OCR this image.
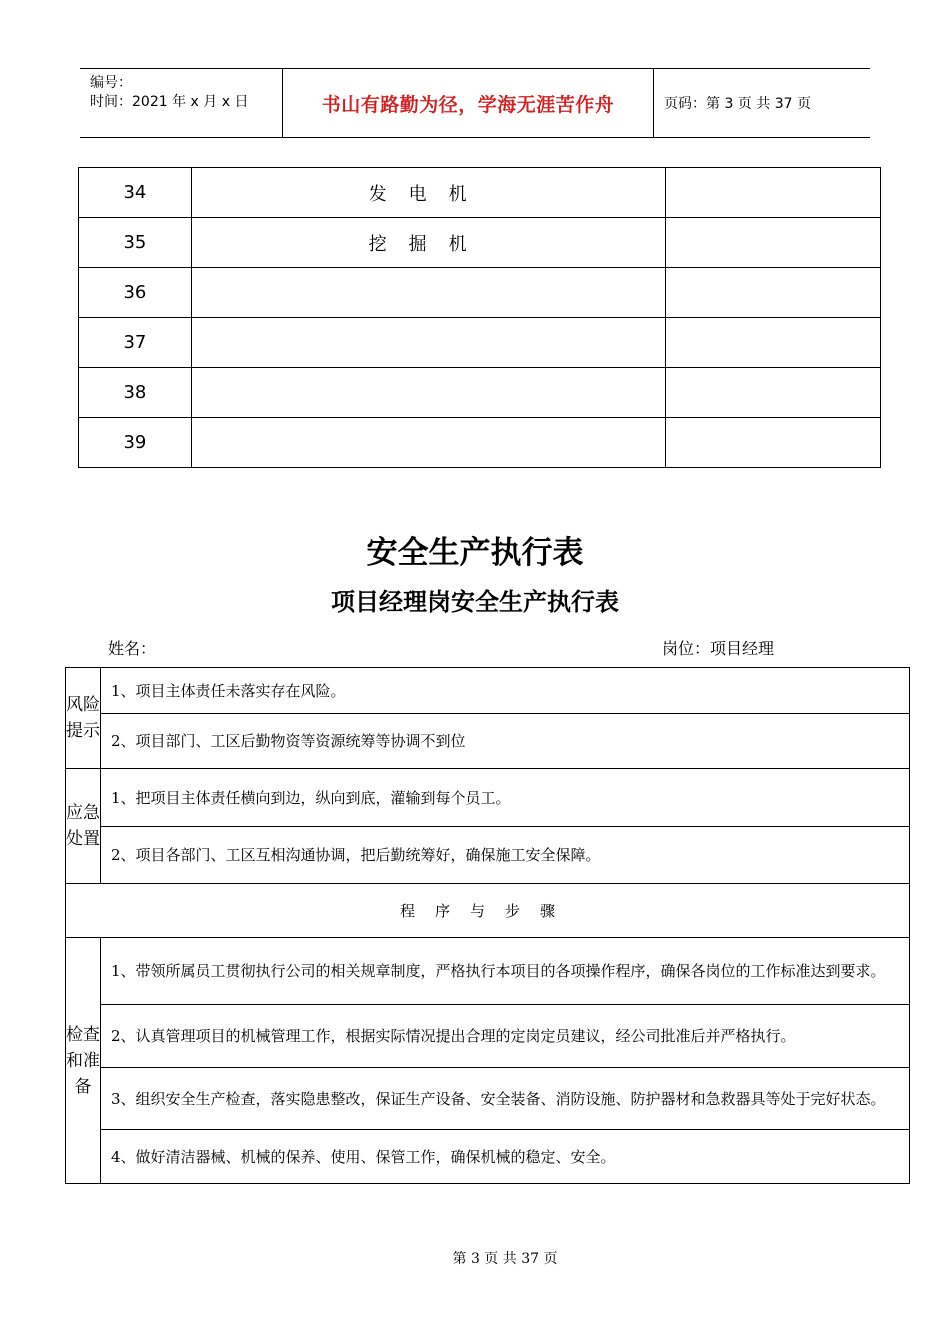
编号：
时间：2021 年 x 月 x 日	书山有路勤为径，学海无涯苦作舟	页码：第 3 页 共 37 页
34	发电机	
35	挖掘机	
36		
37		
38		
39		
安全生产执行表
项目经理岗安全生产执行表
姓名：	岗位：项目经理
风险提示	1、项目主体责任未落实存在风险。
	2、项目部门、工区后勤物资等资源统筹等协调不到位
应急处置	1、把项目主体责任横向到边，纵向到底，灌输到每个员工。
	2、项目各部门、工区互相沟通协调，把后勤统筹好，确保施工安全保障。
程序与步骤	
检查和准备	1、带领所属员工贯彻执行公司的相关规章制度，严格执行本项目的各项操作程序，确保各岗位的工作标准达到要求。
	2、认真管理项目的机械管理工作，根据实际情况提出合理的定岗定员建议，经公司批准后并严格执行。
	3、组织安全生产检查，落实隐患整改，保证生产设备、安全装备、消防设施、防护器材和急救器具等处于完好状态。
	4、做好清洁器械、机械的保养、使用、保管工作，确保机械的稳定、安全。
第 3 页 共 37 页
